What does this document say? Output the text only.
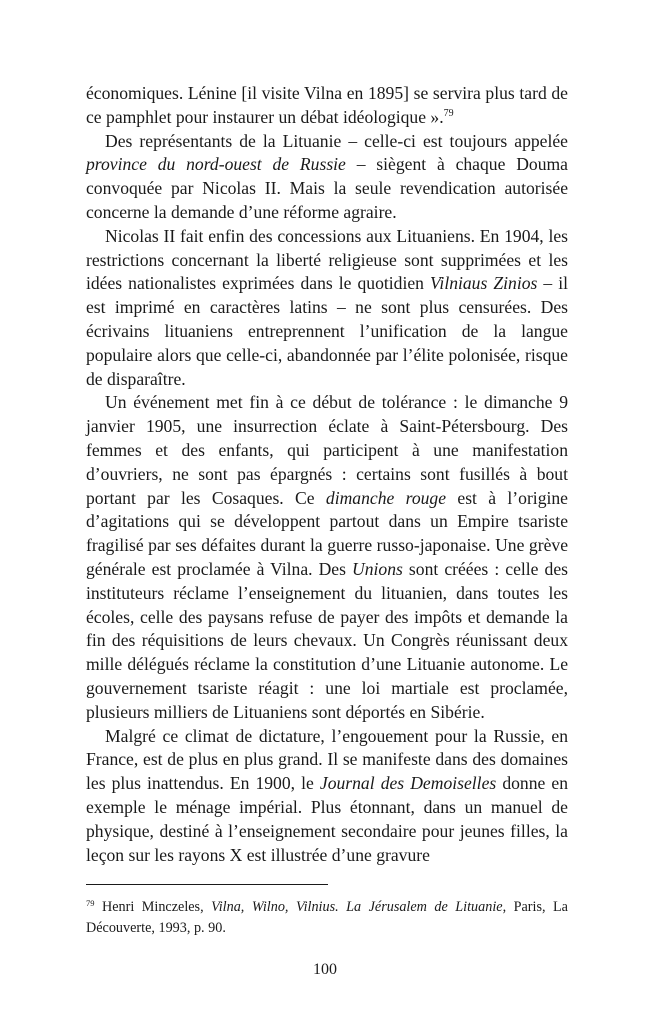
économiques. Lénine [il visite Vilna en 1895] se servira plus tard de ce pamphlet pour instaurer un débat idéologique ».$^{79}$

Des représentants de la Lituanie – celle-ci est toujours appelée province du nord-ouest de Russie – siègent à chaque Douma convoquée par Nicolas II. Mais la seule revendication autorisée concerne la demande d’une réforme agraire.

Nicolas II fait enfin des concessions aux Lituaniens. En 1904, les restrictions concernant la liberté religieuse sont supprimées et les idées nationalistes exprimées dans le quotidien Vilniaus Zinios – il est imprimé en caractères latins – ne sont plus censurées. Des écrivains lituaniens entreprennent l’unification de la langue populaire alors que celle-ci, abandonnée par l’élite polonisée, risque de disparaître.

Un événement met fin à ce début de tolérance : le dimanche 9 janvier 1905, une insurrection éclate à Saint-Pétersbourg. Des femmes et des enfants, qui participent à une manifestation d’ouvriers, ne sont pas épargnés : certains sont fusillés à bout portant par les Cosaques. Ce dimanche rouge est à l’origine d’agitations qui se développent partout dans un Empire tsariste fragilisé par ses défaites durant la guerre russo-japonaise. Une grève générale est proclamée à Vilna. Des Unions sont créées : celle des instituteurs réclame l’enseignement du lituanien, dans toutes les écoles, celle des paysans refuse de payer des impôts et demande la fin des réquisitions de leurs chevaux. Un Congrès réunissant deux mille délégués réclame la constitution d’une Lituanie autonome. Le gouvernement tsariste réagit : une loi martiale est proclamée, plusieurs milliers de Lituaniens sont déportés en Sibérie.

Malgré ce climat de dictature, l’engouement pour la Russie, en France, est de plus en plus grand. Il se manifeste dans des domaines les plus inattendus. En 1900, le Journal des Demoiselles donne en exemple le ménage impérial. Plus étonnant, dans un manuel de physique, destiné à l’enseignement secondaire pour jeunes filles, la leçon sur les rayons X est illustrée d’une gravure

$^{79}$ Henri Minczeles, Vilna, Wilno, Vilnius. La Jérusalem de Lituanie, Paris, La Découverte, 1993, p. 90.

100
